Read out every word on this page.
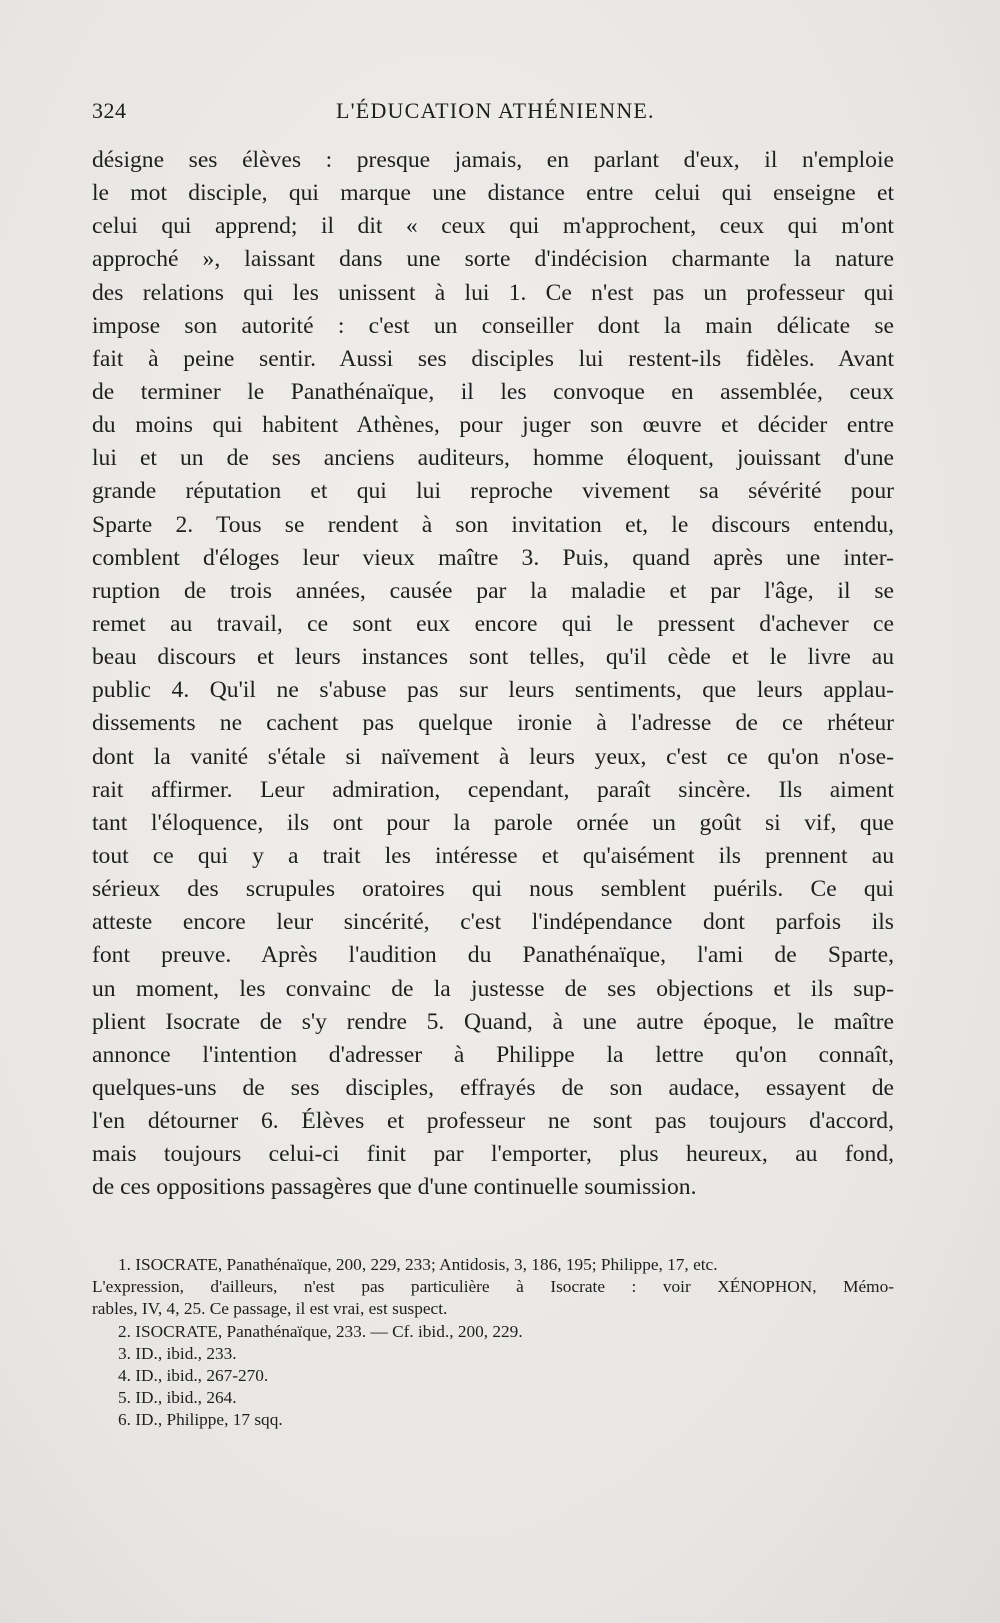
324	L'ÉDUCATION ATHÉNIENNE.
désigne ses élèves : presque jamais, en parlant d'eux, il n'emploie
le mot disciple, qui marque une distance entre celui qui enseigne et
celui qui apprend; il dit « ceux qui m'approchent, ceux qui m'ont
approché », laissant dans une sorte d'indécision charmante la nature
des relations qui les unissent à lui 1. Ce n'est pas un professeur qui
impose son autorité : c'est un conseiller dont la main délicate se
fait à peine sentir. Aussi ses disciples lui restent-ils fidèles. Avant
de terminer le Panathénaïque, il les convoque en assemblée, ceux
du moins qui habitent Athènes, pour juger son œuvre et décider entre
lui et un de ses anciens auditeurs, homme éloquent, jouissant d'une
grande réputation et qui lui reproche vivement sa sévérité pour
Sparte 2. Tous se rendent à son invitation et, le discours entendu,
comblent d'éloges leur vieux maître 3. Puis, quand après une inter-
ruption de trois années, causée par la maladie et par l'âge, il se
remet au travail, ce sont eux encore qui le pressent d'achever ce
beau discours et leurs instances sont telles, qu'il cède et le livre au
public 4. Qu'il ne s'abuse pas sur leurs sentiments, que leurs applau-
dissements ne cachent pas quelque ironie à l'adresse de ce rhéteur
dont la vanité s'étale si naïvement à leurs yeux, c'est ce qu'on n'ose-
rait affirmer. Leur admiration, cependant, paraît sincère. Ils aiment
tant l'éloquence, ils ont pour la parole ornée un goût si vif, que
tout ce qui y a trait les intéresse et qu'aisément ils prennent au
sérieux des scrupules oratoires qui nous semblent puérils. Ce qui
atteste encore leur sincérité, c'est l'indépendance dont parfois ils
font preuve. Après l'audition du Panathénaïque, l'ami de Sparte,
un moment, les convainc de la justesse de ses objections et ils sup-
plient Isocrate de s'y rendre 5. Quand, à une autre époque, le maître
annonce l'intention d'adresser à Philippe la lettre qu'on connaît,
quelques-uns de ses disciples, effrayés de son audace, essayent de
l'en détourner 6. Élèves et professeur ne sont pas toujours d'accord,
mais toujours celui-ci finit par l'emporter, plus heureux, au fond,
de ces oppositions passagères que d'une continuelle soumission.
1. ISOCRATE, Panathénaïque, 200, 229, 233; Antidosis, 3, 186, 195; Philippe, 17, etc.
L'expression, d'ailleurs, n'est pas particulière à Isocrate : voir XÉNOPHON, Mémo-
rables, IV, 4, 25. Ce passage, il est vrai, est suspect.
2. ISOCRATE, Panathénaïque, 233. — Cf. ibid., 200, 229.
3. ID., ibid., 233.
4. ID., ibid., 267-270.
5. ID., ibid., 264.
6. ID., Philippe, 17 sqq.
